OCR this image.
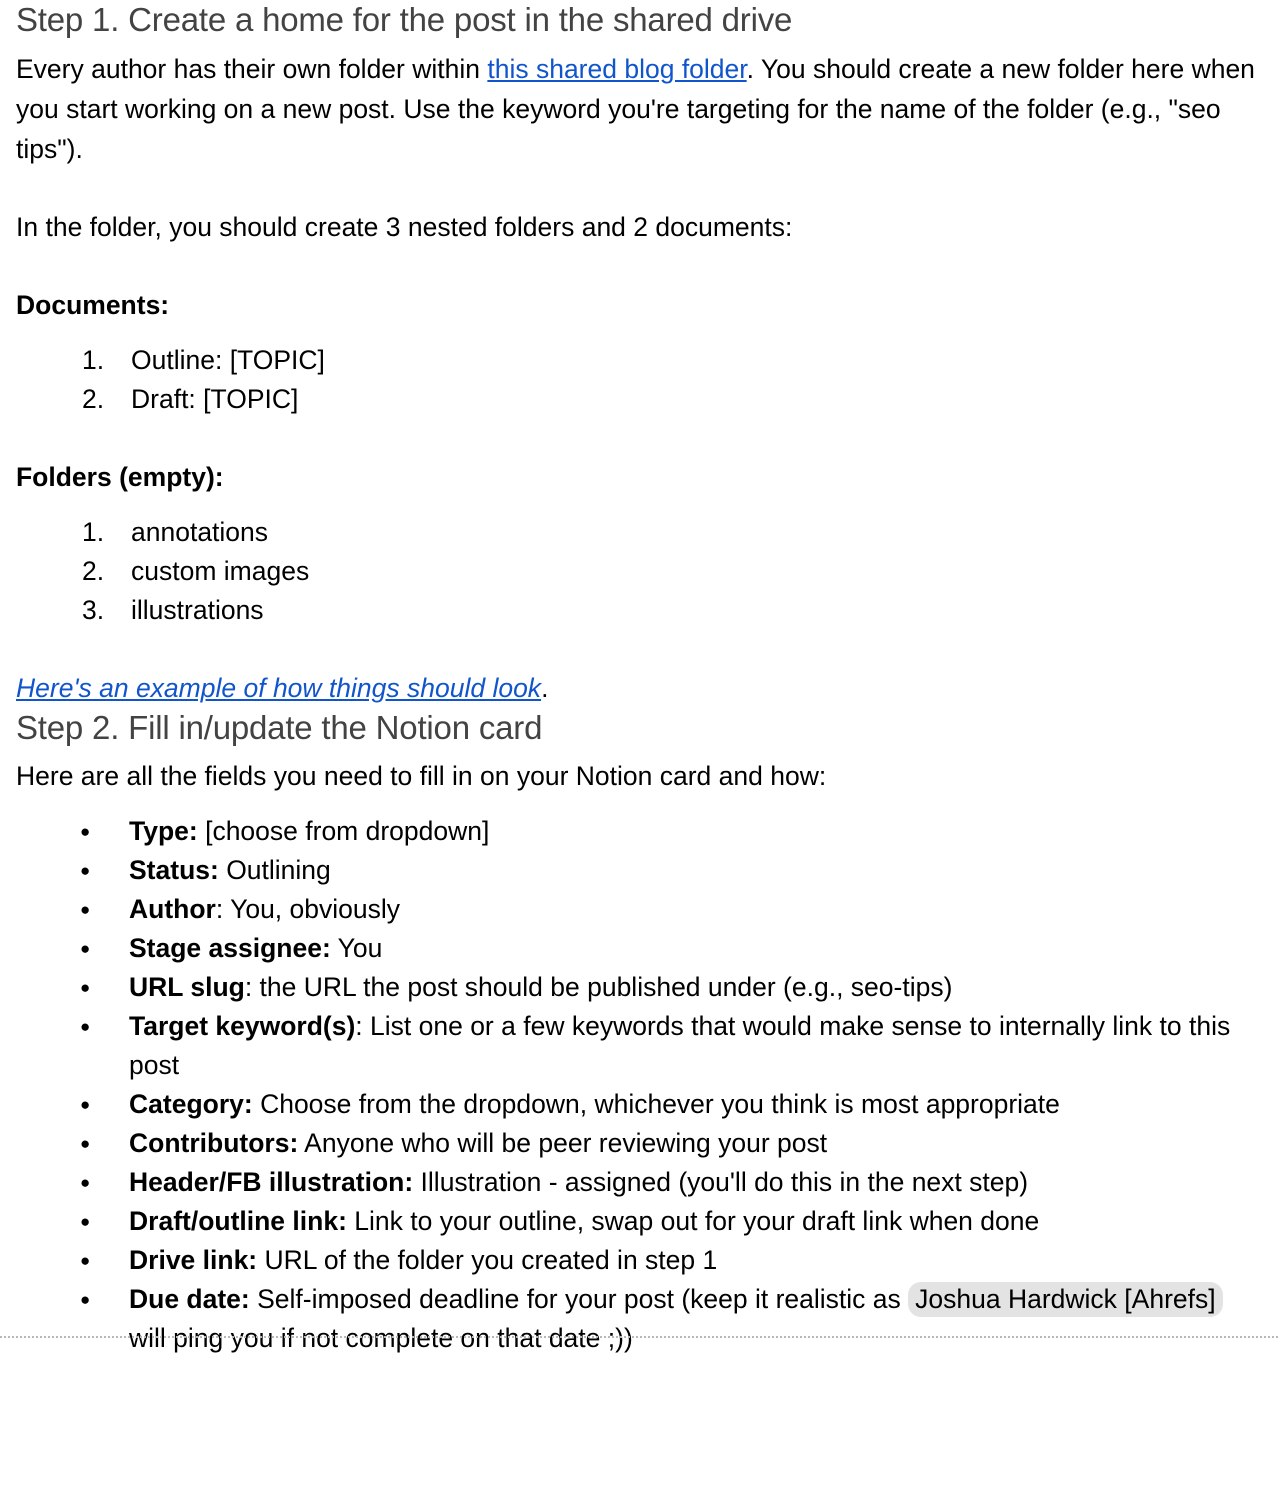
Step 1. Create a home for the post in the shared drive

Every author has their own folder within this shared blog folder. You should create a new folder here when you start working on a new post. Use the keyword you're targeting for the name of the folder (e.g., "seo tips").

In the folder, you should create 3 nested folders and 2 documents:

Documents:

Outline: [TOPIC]
Draft: [TOPIC]

Folders (empty):

annotations
custom images
illustrations

Here's an example of how things should look.

Step 2. Fill in/update the Notion card

Here are all the fields you need to fill in on your Notion card and how:

● Type: [choose from dropdown]
● Status: Outlining
● Author: You, obviously
● Stage assignee: You
● URL slug: the URL the post should be published under (e.g., seo-tips)
● Target keyword(s): List one or a few keywords that would make sense to internally link to this post
● Category: Choose from the dropdown, whichever you think is most appropriate
● Contributors: Anyone who will be peer reviewing your post
● Header/FB illustration: Illustration - assigned (you'll do this in the next step)
● Draft/outline link: Link to your outline, swap out for your draft link when done
● Drive link: URL of the folder you created in step 1
● Due date: Self-imposed deadline for your post (keep it realistic as Joshua Hardwick [Ahrefs] will ping you if not complete on that date ;))
